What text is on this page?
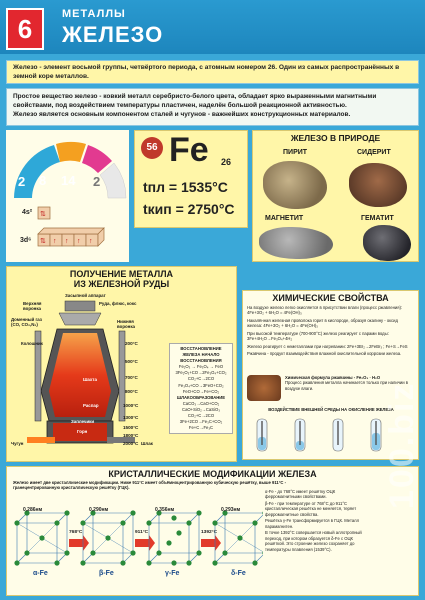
6	МЕТАЛЛЫ
ЖЕЛЕЗО
Железо - элемент восьмой группы, четвёртого периода, с атомным номером 26. Один из самых распространённых в земной коре металлов.
Простое вещество железо - ковкий металл серебристо-белого цвета, обладает ярко выраженными магнитными свойствами, под воздействием температуры пластичен, наделён большой реакционной активностью.
Железо является основным компонентом сталей и чугунов - важнейших конструкционных материалов.
2 8 14 2
4s² ⇅
3d⁶ ⇅ ↑ ↑ ↑ ↑
56 Fe 26
tпл = 1535°C
tкип = 2750°C
ЖЕЛЕЗО В ПРИРОДЕ
ПИРИТ	СИДЕРИТ
МАГНЕТИТ	ГЕМАТИТ
ПОЛУЧЕНИЕ МЕТАЛЛА
ИЗ ЖЕЛЕЗНОЙ РУДЫ
Засыпной аппарат
Верхняя воронка
Руда, флюс, кокс
Доменный газ (CO, CO₂,N₂)
Нижняя воронка
Колошник
Шахта
Распар
Заплечики
Горн
Чугун	Шлак
200°C
500°C
700°C
800°C
1000°C
1300°C
1500°C
1800°C
2000°C
ВОССТАНОВЛЕНИЕ ЖЕЛЕЗА НАЧАЛО ВОССТАНОВЛЕНИЯ
Fe₂O₃ → Fe₃O₄ → FeO
3Fe₂O₃+CO→2Fe₃O₄+CO₂
CO₂+C→2CO
Fe₃O₄+CO→3FeO+CO₂
FeO+CO→Fe+CO₂
ШЛАКООБРАЗОВАНИЕ
CaCO₃→CaO+CO₂
CaO+SiO₂→CaSiO₃
CO₂+C→2CO
3Fe+2CO→Fe₃C+CO₂
Fe+C→Fe₃C
ХИМИЧЕСКИЕ СВОЙСТВА
На воздухе железо легко окисляется в присутствии влаги (процесс ржавления): 4Fe+3O₂ + 6H₂O = 4Fe(OH)₃
Накалённая железная проволока горит в кислороде, образуя окалину - оксид железа: 4Fe+3O₂ + 6H₂O = 4Fe(OH)₃
При высокой температуре (700-900°C) железо реагирует с парами воды: 3Fe+4H₂O→Fe₃O₄+4H₂
Железо реагирует с неметаллами при нагревании: 2Fe+3Br₂→2FeBr₃ ; Fe+S→FeS
Ржавчина - продукт взаимодействия влажной окислительной коррозии железа.
Химическая формула ржавчины - Fe₂O₃ · H₂O
Процесс ржавления металла начинается только при наличии в воздухе влаги.
ВОЗДЕЙСТВИЕ ВНЕШНЕЙ СРЕДЫ НА ОКИСЛЕНИЕ ЖЕЛЕЗА
КРИСТАЛЛИЧЕСКИЕ МОДИФИКАЦИИ ЖЕЛЕЗА
Железо имеет две кристаллические модификации. Ниже 911°C имеет объёмноцентрированную кубическую решётку, выше 911°C - гранецентрированную кристаллическую решётку (ГЦК).
0,286нм
α-Fe
768°C
0,290нм
β-Fe
911°C
0,356нм
γ-Fe
1392°C
0,293нм
δ-Fe
α-Fe - до 768°C имеет решётку ОЦК ферромагнитными свойствами.
β-Fe - при температуре от 768°C до 911°C кристаллическая решётка не меняется, теряет ферромагнитные свойства.
Решётка γ-Fe трансформируется в ГЦК. Металл парамагнитен.
В точке 1392°C совершается новый аллотропный переход, при котором образуется δ-Fe с ОЦК решёткой. Это строение железо сохраняет до температуры плавления (1539°C).
100.biz
